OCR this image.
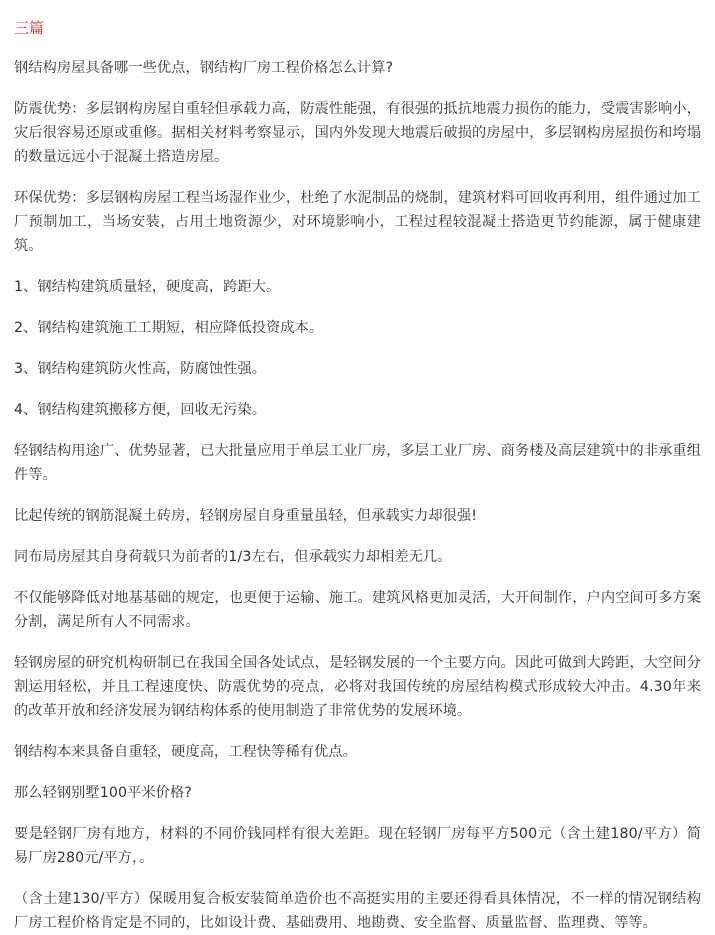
三篇

钢结构房屋具备哪一些优点，钢结构厂房工程价格怎么计算?

防震优势：多层钢构房屋自重轻但承载力高，防震性能强，有很强的抵抗地震力损伤的能力，受震害影响小，灾后很容易还原或重修。据相关材料考察显示，国内外发现大地震后破损的房屋中，多层钢构房屋损伤和垮塌的数量远远小于混凝土搭造房屋。

环保优势：多层钢构房屋工程当场湿作业少，杜绝了水泥制品的烧制，建筑材料可回收再利用，组件通过加工厂预制加工，当场安装，占用土地资源少，对环境影响小，工程过程较混凝土搭造更节约能源，属于健康建筑。

1、钢结构建筑质量轻，硬度高，跨距大。

2、钢结构建筑施工工期短，相应降低投资成本。

3、钢结构建筑防火性高，防腐蚀性强。

4、钢结构建筑搬移方便，回收无污染。

轻钢结构用途广、优势显著，已大批量应用于单层工业厂房，多层工业厂房、商务楼及高层建筑中的非承重组件等。

比起传统的钢筋混凝土砖房，轻钢房屋自身重量虽轻，但承载实力却很强!

同布局房屋其自身荷载只为前者的1/3左右，但承载实力却相差无几。

不仅能够降低对地基基础的规定，也更便于运输、施工。建筑风格更加灵活，大开间制作，户内空间可多方案分割，满足所有人不同需求。

轻钢房屋的研究机构研制已在我国全国各处试点，是轻钢发展的一个主要方向。因此可做到大跨距，大空间分割运用轻松，并且工程速度快、防震优势的亮点，必将对我国传统的房屋结构模式形成较大冲击。4.30年来的改革开放和经济发展为钢结构体系的使用制造了非常优势的发展环境。

钢结构本来具备自重轻，硬度高，工程快等稀有优点。

那么轻钢别墅100平米价格?

要是轻钢厂房有地方，材料的不同价钱同样有很大差距。现在轻钢厂房每平方500元（含土建180/平方）简易厂房280元/平方，。

（含土建130/平方）保暖用复合板安装简单造价也不高挺实用的主要还得看具体情况，不一样的情况钢结构厂房工程价格肯定是不同的，比如设计费、基础费用、地勘费、安全监督、质量监督、监理费、等等。
